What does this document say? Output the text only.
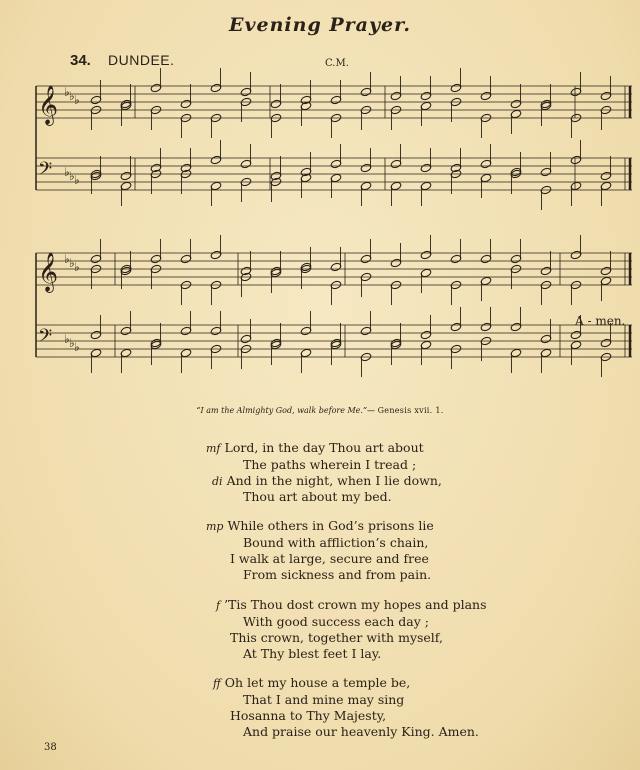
Evening Prayer.
34. DUNDEE.	C.M.
𝄞 ♭ ♭ ♭
𝄢 ♭ ♭ ♭
𝄞 ♭ ♭ ♭
𝄢 ♭ ♭ ♭
A - men.
“I am the Almighty God, walk before Me.”— Genesis xvii. 1.
mf Lord, in the day Thou art about
The paths wherein I tread ;
di And in the night, when I lie down,
Thou art about my bed.
mp While others in God’s prisons lie
Bound with affliction’s chain,
I walk at large, secure and free
From sickness and from pain.
f ’Tis Thou dost crown my hopes and plans
With good success each day ;
This crown, together with myself,
At Thy blest feet I lay.
ff Oh let my house a temple be,
That I and mine may sing
Hosanna to Thy Majesty,
And praise our heavenly King. Amen.
38
